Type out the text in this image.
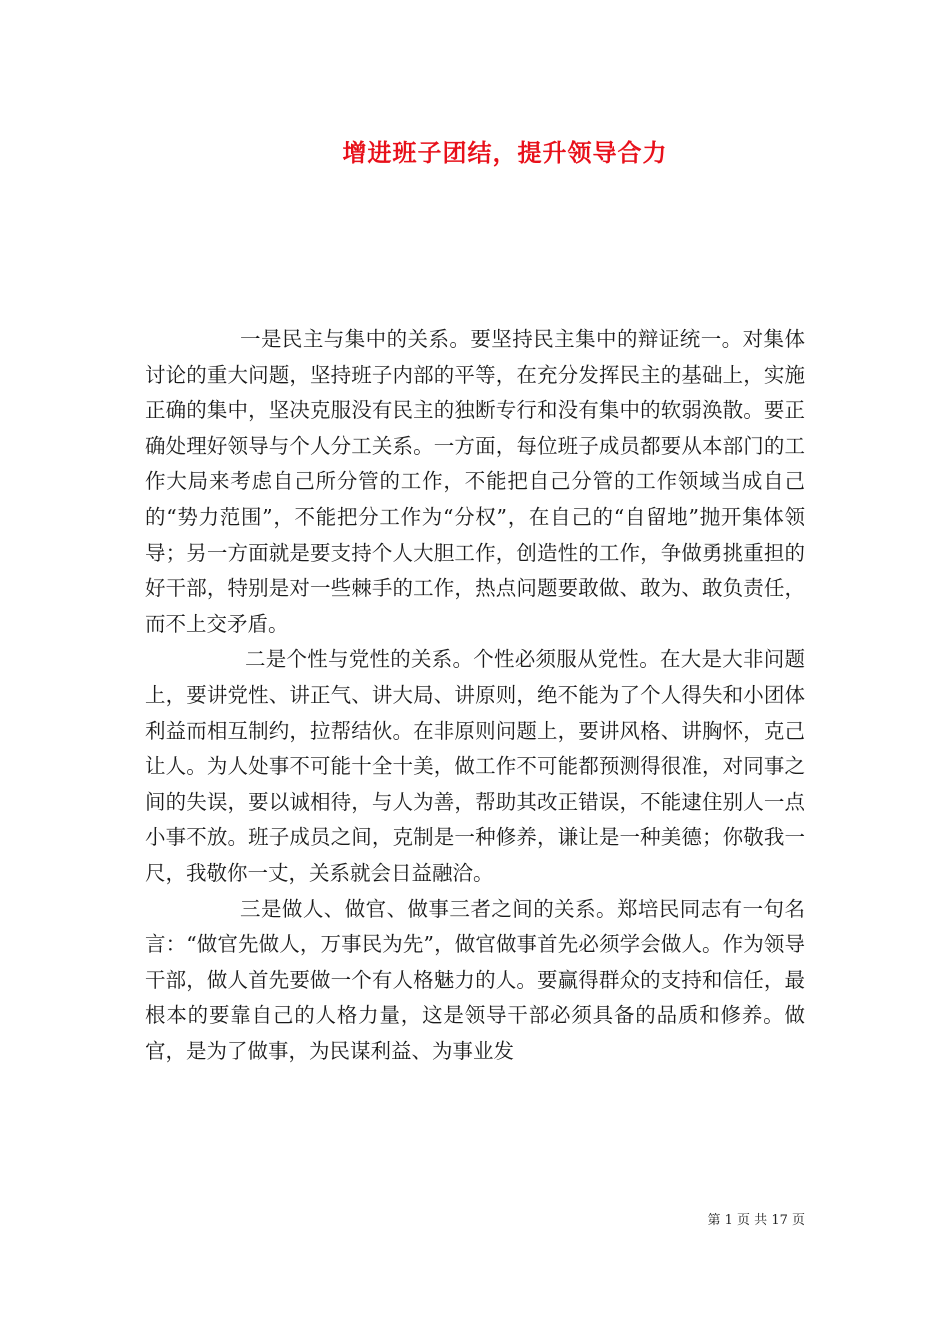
增进班子团结，提升领导合力

一是民主与集中的关系。要坚持民主集中的辩证统一。对集体讨论的重大问题，坚持班子内部的平等，在充分发挥民主的基础上，实施正确的集中，坚决克服没有民主的独断专行和没有集中的软弱涣散。要正确处理好领导与个人分工关系。一方面，每位班子成员都要从本部门的工作大局来考虑自己所分管的工作，不能把自己分管的工作领域当成自己的“势力范围”，不能把分工作为“分权”，在自己的“自留地”抛开集体领导；另一方面就是要支持个人大胆工作，创造性的工作，争做勇挑重担的好干部，特别是对一些棘手的工作，热点问题要敢做、敢为、敢负责任，而不上交矛盾。

二是个性与党性的关系。个性必须服从党性。在大是大非问题上，要讲党性、讲正气、讲大局、讲原则，绝不能为了个人得失和小团体利益而相互制约，拉帮结伙。在非原则问题上，要讲风格、讲胸怀，克己让人。为人处事不可能十全十美，做工作不可能都预测得很准，对同事之间的失误，要以诚相待，与人为善，帮助其改正错误，不能逮住别人一点小事不放。班子成员之间，克制是一种修养，谦让是一种美德；你敬我一尺，我敬你一丈，关系就会日益融洽。

三是做人、做官、做事三者之间的关系。郑培民同志有一句名言：“做官先做人，万事民为先”，做官做事首先必须学会做人。作为领导干部，做人首先要做一个有人格魅力的人。要赢得群众的支持和信任，最根本的要靠自己的人格力量，这是领导干部必须具备的品质和修养。做官，是为了做事，为民谋利益、为事业发

第 1 页 共 17 页
